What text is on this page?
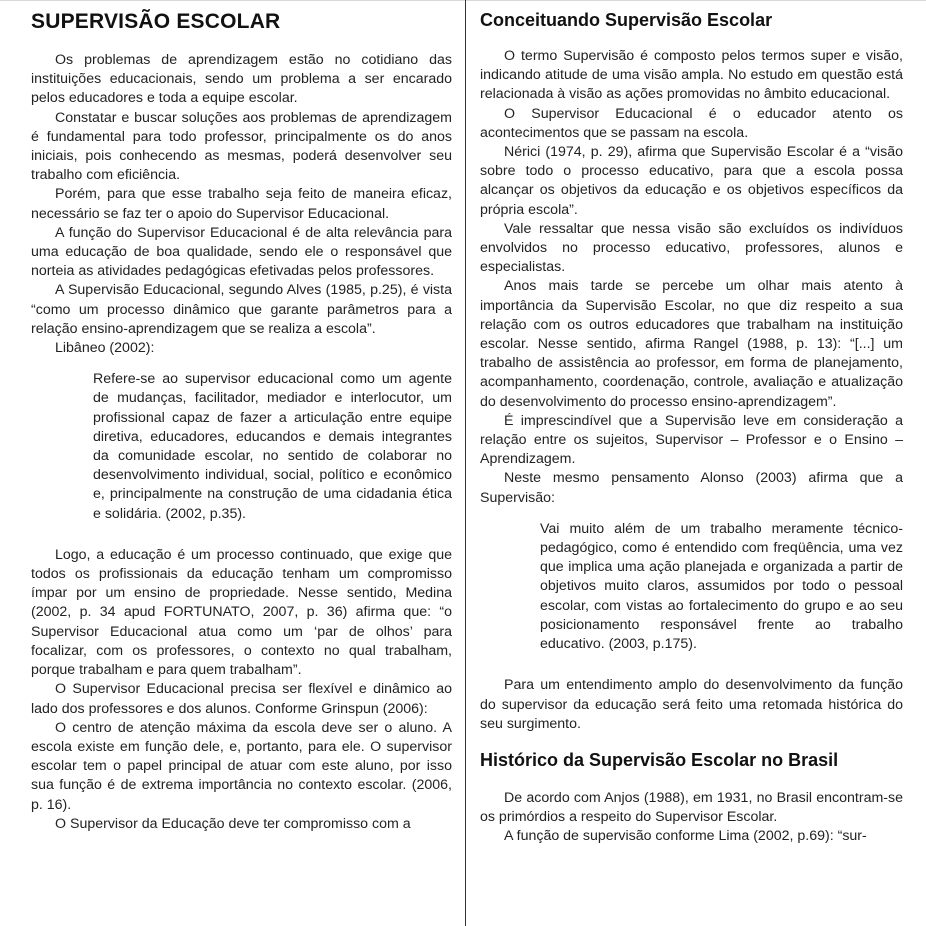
SUPERVISÃO ESCOLAR

Os problemas de aprendizagem estão no cotidiano das instituições educacionais, sendo um problema a ser encarado pelos educadores e toda a equipe escolar.

Constatar e buscar soluções aos problemas de aprendizagem é fundamental para todo professor, principalmente os do anos iniciais, pois conhecendo as mesmas, poderá desenvolver seu trabalho com eficiência.

Porém, para que esse trabalho seja feito de maneira eficaz, necessário se faz ter o apoio do Supervisor Educacional.

A função do Supervisor Educacional é de alta relevância para uma educação de boa qualidade, sendo ele o responsável que norteia as atividades pedagógicas efetivadas pelos professores.

A Supervisão Educacional, segundo Alves (1985, p.25), é vista “como um processo dinâmico que garante parâmetros para a relação ensino-aprendizagem que se realiza a escola”.

Libâneo (2002):

Refere-se ao supervisor educacional como um agente de mudanças, facilitador, mediador e interlocutor, um profissional capaz de fazer a articulação entre equipe diretiva, educadores, educandos e demais integrantes da comunidade escolar, no sentido de colaborar no desenvolvimento individual, social, político e econômico e, principalmente na construção de uma cidadania ética e solidária. (2002, p.35).

Logo, a educação é um processo continuado, que exige que todos os profissionais da educação tenham um compromisso ímpar por um ensino de propriedade. Nesse sentido, Medina (2002, p. 34 apud FORTUNATO, 2007, p. 36) afirma que: “o Supervisor Educacional atua como um ‘par de olhos’ para focalizar, com os professores, o contexto no qual trabalham, porque trabalham e para quem trabalham”.

O Supervisor Educacional precisa ser flexível e dinâmico ao lado dos professores e dos alunos. Conforme Grinspun (2006):

O centro de atenção máxima da escola deve ser o aluno. A escola existe em função dele, e, portanto, para ele. O supervisor escolar tem o papel principal de atuar com este aluno, por isso sua função é de extrema importância no contexto escolar. (2006, p. 16).

O Supervisor da Educação deve ter compromisso com a

Conceituando Supervisão Escolar

O termo Supervisão é composto pelos termos super e visão, indicando atitude de uma visão ampla. No estudo em questão está relacionada à visão as ações promovidas no âmbito educacional.

O Supervisor Educacional é o educador atento os acontecimentos que se passam na escola.

Nérici (1974, p. 29), afirma que Supervisão Escolar é a “visão sobre todo o processo educativo, para que a escola possa alcançar os objetivos da educação e os objetivos específicos da própria escola”.

Vale ressaltar que nessa visão são excluídos os indivíduos envolvidos no processo educativo, professores, alunos e especialistas.

Anos mais tarde se percebe um olhar mais atento à importância da Supervisão Escolar, no que diz respeito a sua relação com os outros educadores que trabalham na instituição escolar. Nesse sentido, afirma Rangel (1988, p. 13): “[...] um trabalho de assistência ao professor, em forma de planejamento, acompanhamento, coordenação, controle, avaliação e atualização do desenvolvimento do processo ensino-aprendizagem”.

É imprescindível que a Supervisão leve em consideração a relação entre os sujeitos, Supervisor – Professor e o Ensino – Aprendizagem.

Neste mesmo pensamento Alonso (2003) afirma que a Supervisão:

Vai muito além de um trabalho meramente técnico-pedagógico, como é entendido com freqüência, uma vez que implica uma ação planejada e organizada a partir de objetivos muito claros, assumidos por todo o pessoal escolar, com vistas ao fortalecimento do grupo e ao seu posicionamento responsável frente ao trabalho educativo. (2003, p.175).

Para um entendimento amplo do desenvolvimento da função do supervisor da educação será feito uma retomada histórica do seu surgimento.

Histórico da Supervisão Escolar no Brasil

De acordo com Anjos (1988), em 1931, no Brasil encontram-se os primórdios a respeito do Supervisor Escolar.

A função de supervisão conforme Lima (2002, p.69): “sur-
